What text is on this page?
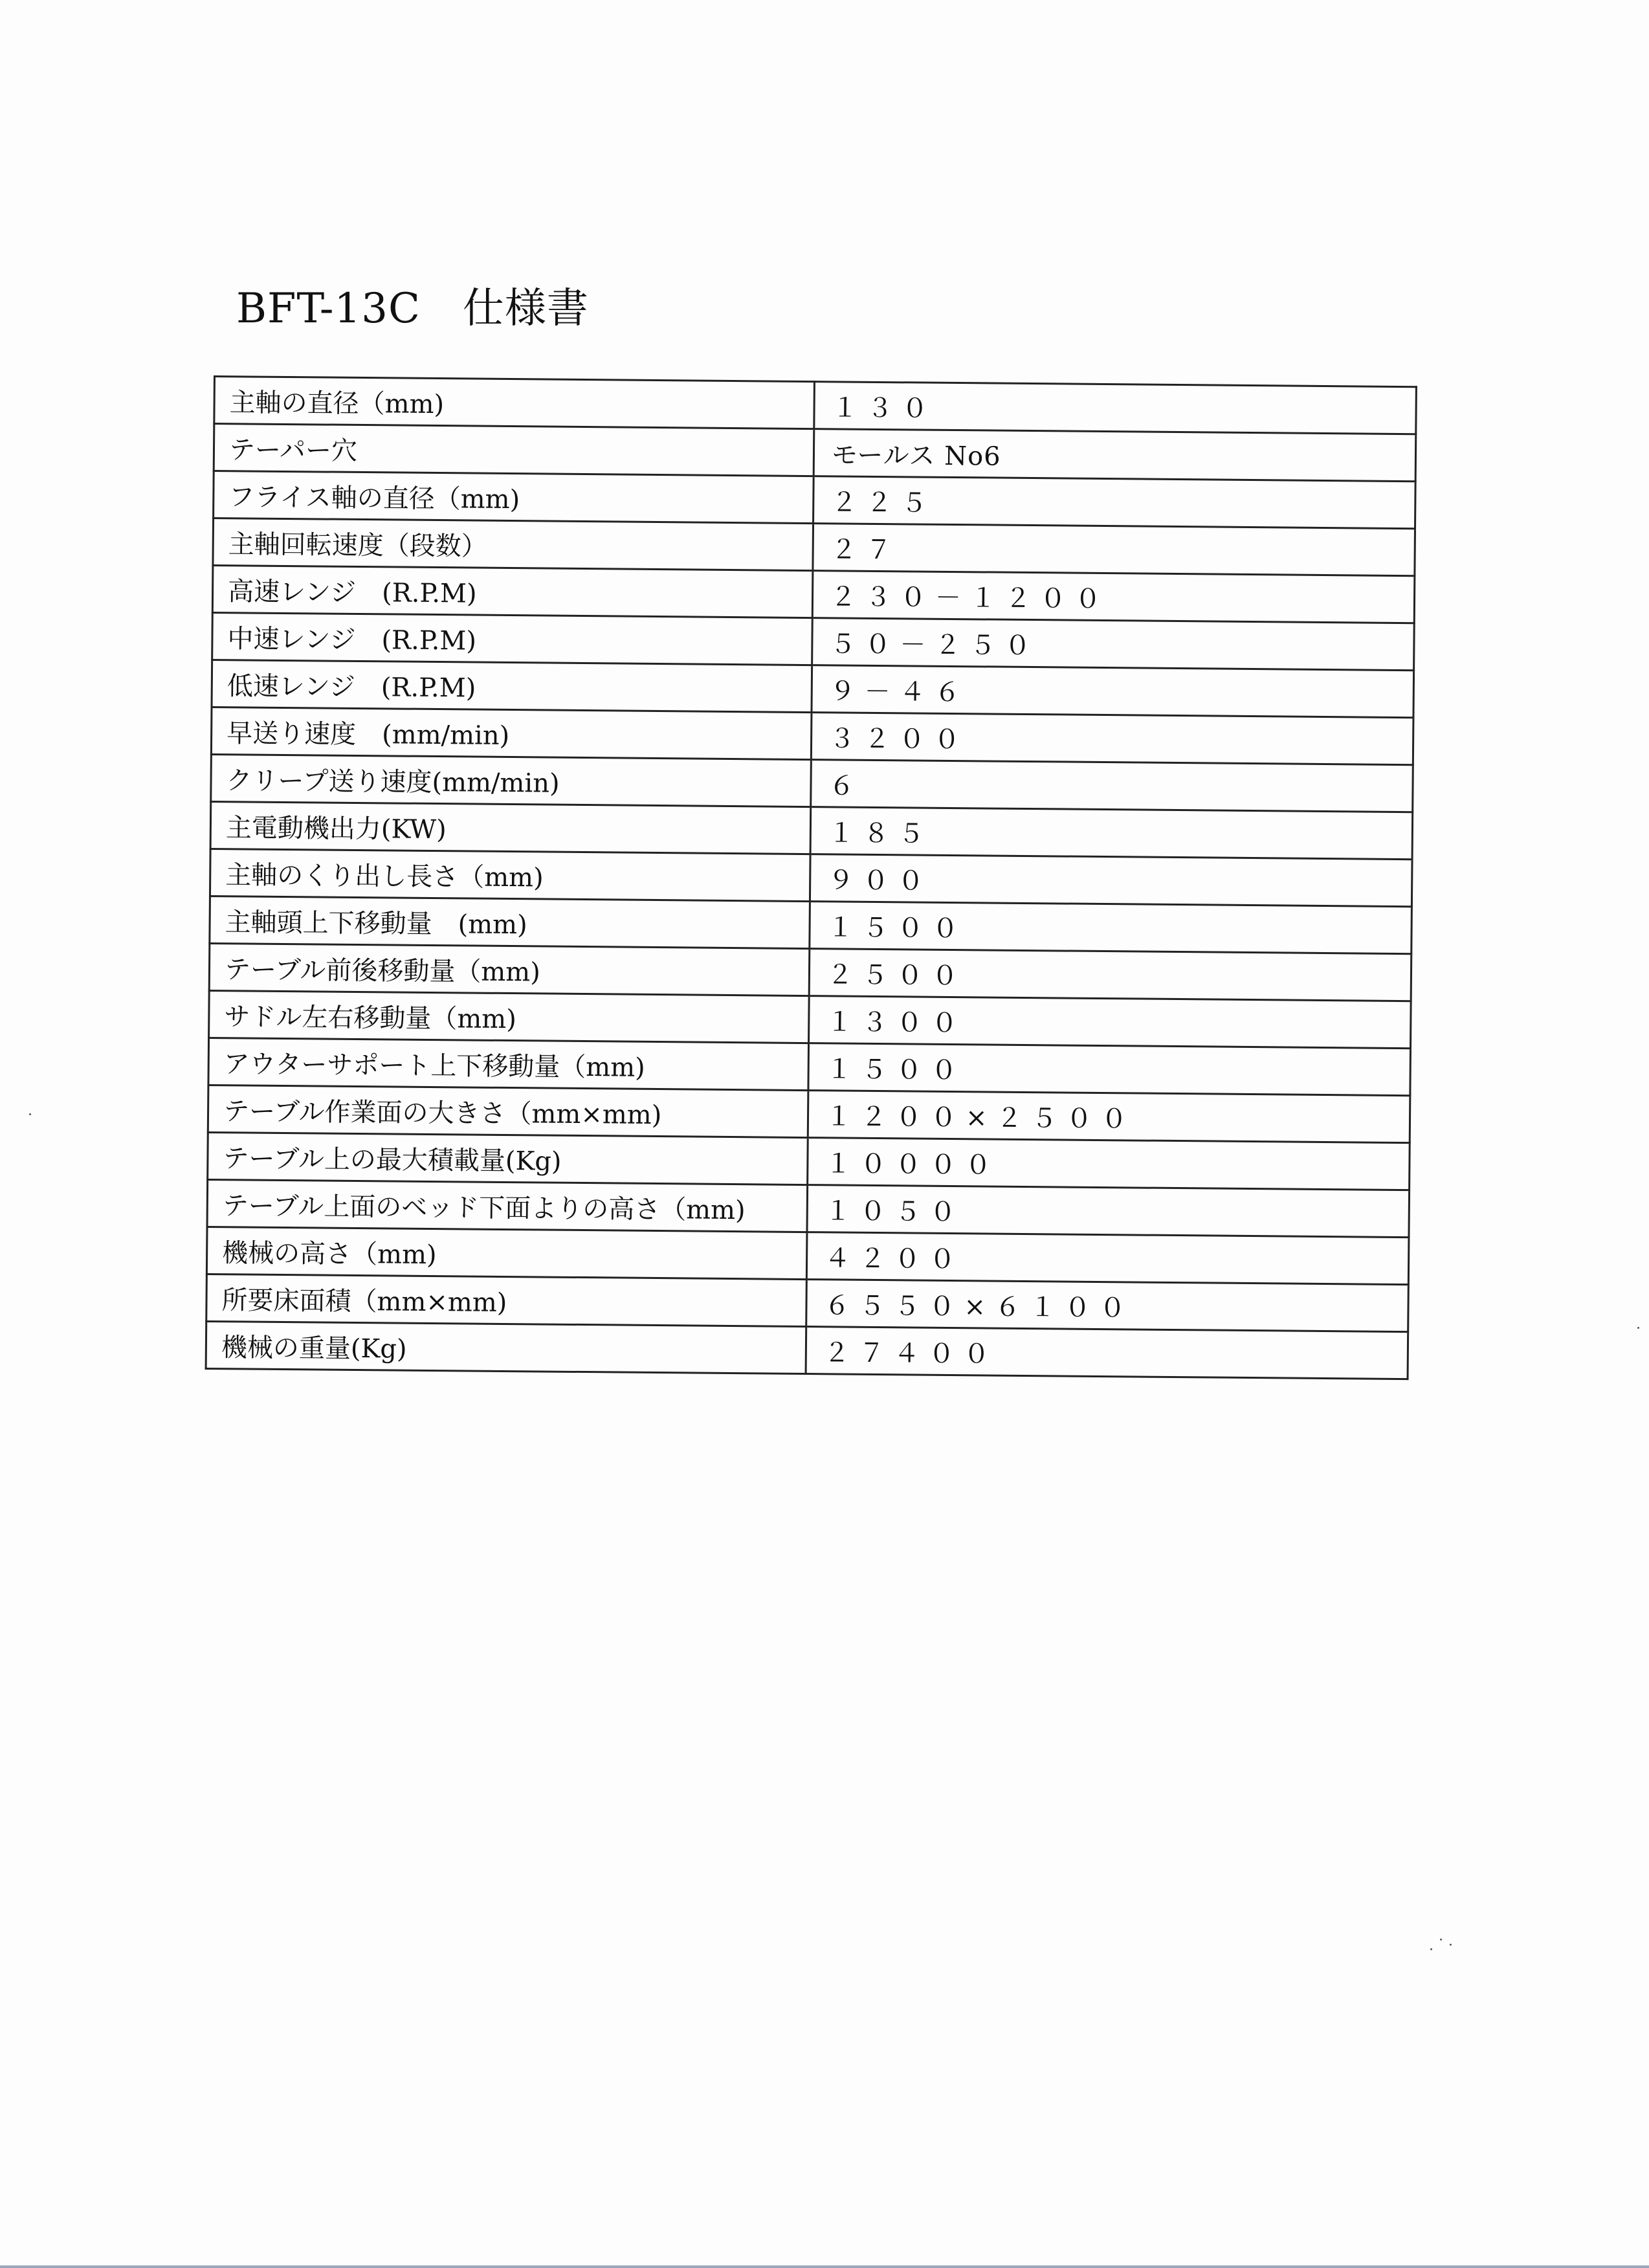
BFT-13C　仕様書
主軸の直径（mm)	１３０
テーパー穴	モールス No6
フライス軸の直径（mm)	２２５
主軸回転速度（段数）	２７
高速レンジ　(R.P.M)	２３０－１２００
中速レンジ　(R.P.M)	５０－２５０
低速レンジ　(R.P.M)	９－４６
早送り速度　(mm/min)	３２００
クリープ送り速度(mm/min)	６
主電動機出力(KW)	１８５
主軸のくり出し長さ（mm)	９００
主軸頭上下移動量　(mm)	１５００
テーブル前後移動量（mm)	２５００
サドル左右移動量（mm)	１３００
アウターサポート上下移動量（mm)	１５００
テーブル作業面の大きさ（mm×mm)	１２００×２５００
テーブル上の最大積載量(Kg)	１００００
テーブル上面のベッド下面よりの高さ（mm)	１０５０
機械の高さ（mm)	４２００
所要床面積（mm×mm)	６５５０×６１００
機械の重量(Kg)	２７４００
